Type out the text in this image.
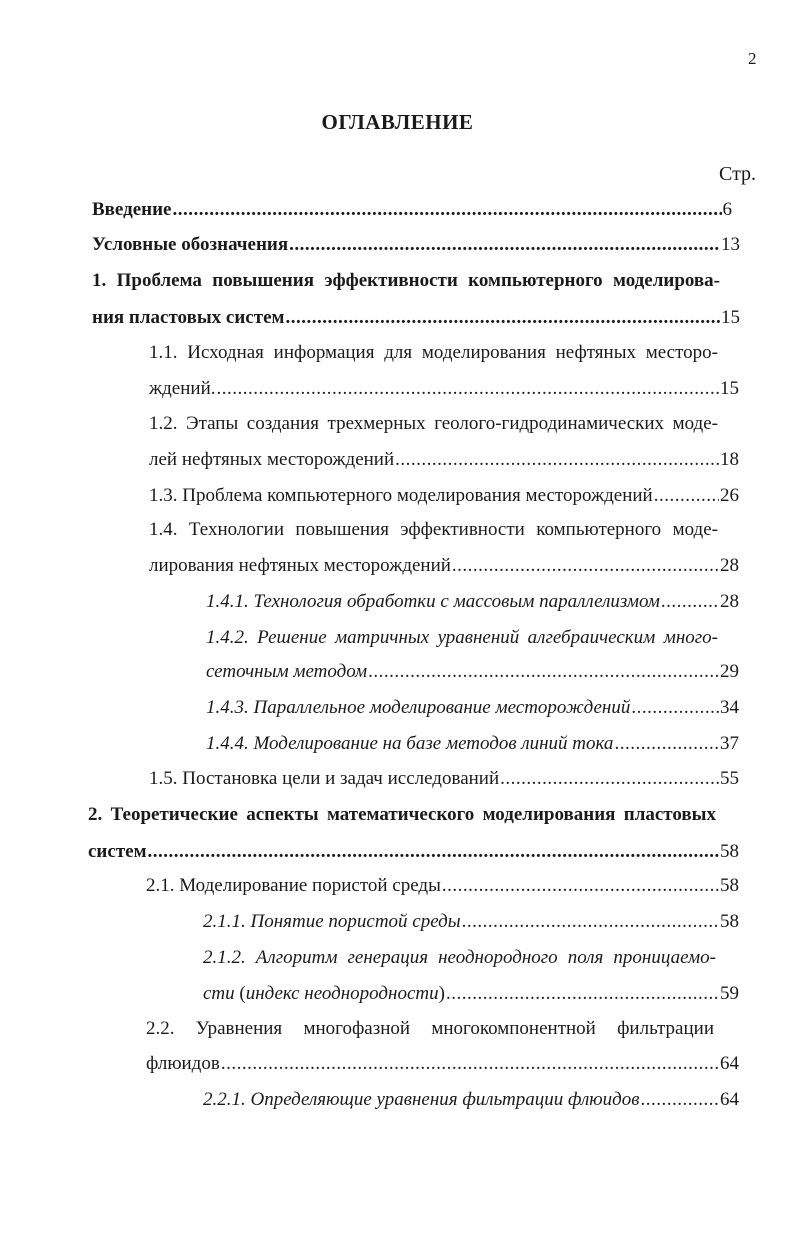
2
ОГЛАВЛЕНИЕ
Стр.
Введение .....	6
Условные обозначения .....	13
1. Проблема повышения эффективности компьютерного моделирова-
ния пластовых систем .....	15
1.1. Исходная информация для моделирования нефтяных месторо-
ждений. .....	15
1.2. Этапы создания трехмерных геолого-гидродинамических моде-
лей нефтяных месторождений .....	18
1.3. Проблема компьютерного моделирования месторождений .....	26
1.4. Технологии повышения эффективности компьютерного моде-
лирования нефтяных месторождений .....	28
1.4.1. Технология обработки с массовым параллелизмом .....	28
1.4.2. Решение матричных уравнений алгебраическим много-
сеточным методом .....	29
1.4.3. Параллельное моделирование месторождений .....	34
1.4.4. Моделирование на базе методов линий тока .....	37
1.5. Постановка цели и задач исследований .....	55
2. Теоретические аспекты математического моделирования пластовых
систем .....	58
2.1. Моделирование пористой среды .....	58
2.1.1. Понятие пористой среды .....	58
2.1.2. Алгоритм генерация неоднородного поля проницаемо-
сти (индекс неоднородности) .....	59
2.2. Уравнения многофазной многокомпонентной фильтрации
флюидов .....	64
2.2.1. Определяющие уравнения фильтрации флюидов .....	64
